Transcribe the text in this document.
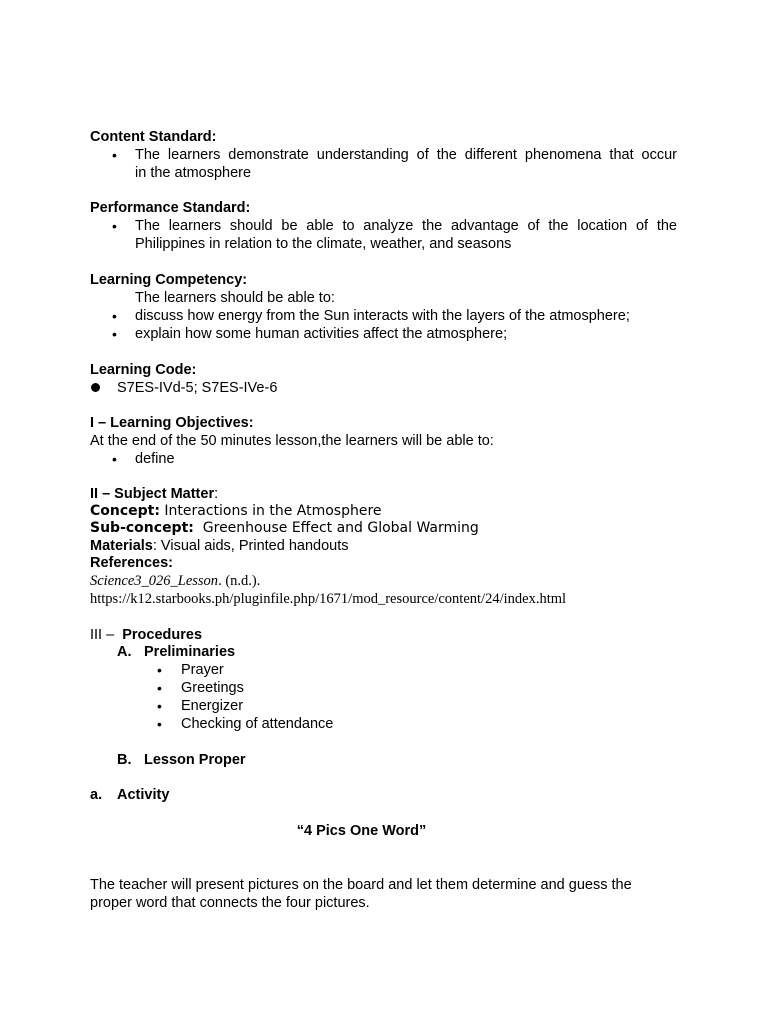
Content Standard:
• The learners demonstrate understanding of the different phenomena that occur
in the atmosphere
Performance Standard:
• The learners should be able to analyze the advantage of the location of the
Philippines in relation to the climate, weather, and seasons
Learning Competency:
The learners should be able to:
• discuss how energy from the Sun interacts with the layers of the atmosphere;
• explain how some human activities affect the atmosphere;
Learning Code:
S7ES-IVd-5; S7ES-IVe-6
I – Learning Objectives:
At the end of the 50 minutes lesson,the learners will be able to:
• define
II – Subject Matter:
Concept: Interactions in the Atmosphere
Sub-concept:  Greenhouse Effect and Global Warming
Materials: Visual aids, Printed handouts
References:
Science3_026_Lesson. (n.d.).
https://k12.starbooks.ph/pluginfile.php/1671/mod_resource/content/24/index.html
III – Procedures
A. Preliminaries
• Prayer
• Greetings
• Energizer
• Checking of attendance
B. Lesson Proper
a. Activity
“4 Pics One Word”
The teacher will present pictures on the board and let them determine and guess the
proper word that connects the four pictures.
